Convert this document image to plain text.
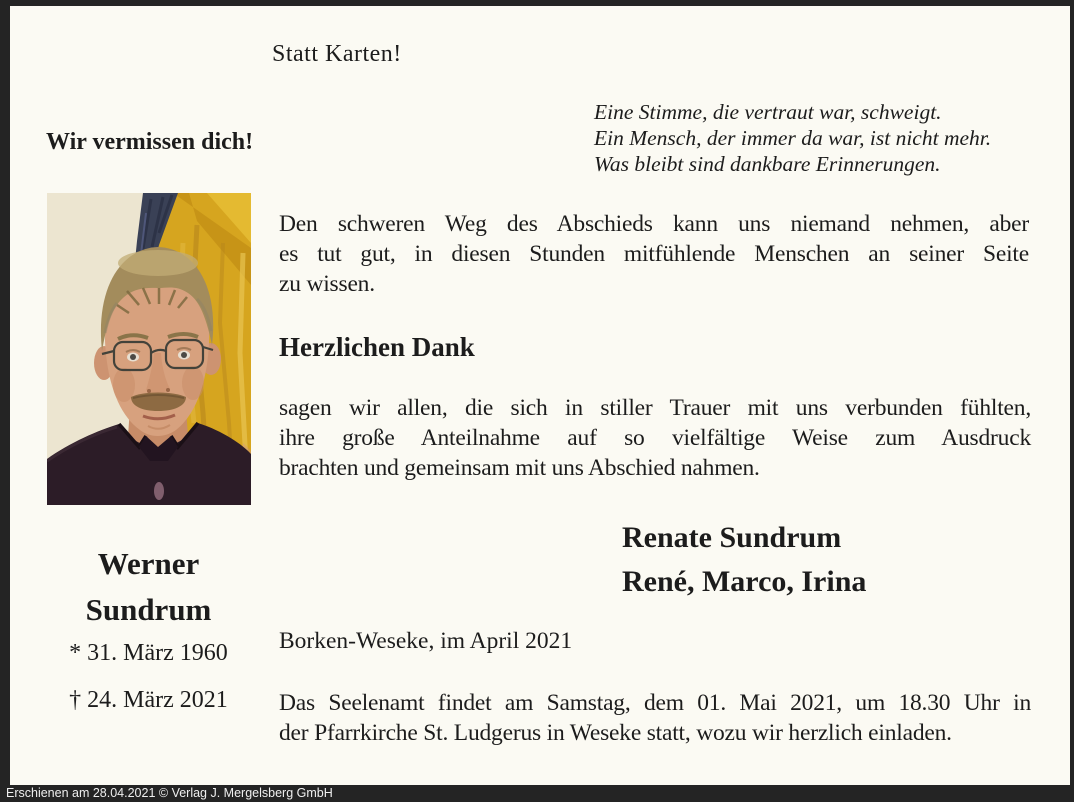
Statt Karten!
Eine Stimme, die vertraut war, schweigt.
Ein Mensch, der immer da war, ist nicht mehr.
Was bleibt sind dankbare Erinnerungen.
Wir vermissen dich!
Den schweren Weg des Abschieds kann uns niemand nehmen, aber
es tut gut, in diesen Stunden mitfühlende Menschen an seiner Seite
zu wissen.
Herzlichen Dank
sagen wir allen, die sich in stiller Trauer mit uns verbunden fühlten,
ihre große Anteilnahme auf so vielfältige Weise zum Ausdruck
brachten und gemeinsam mit uns Abschied nahmen.
Renate Sundrum
René, Marco, Irina
Werner
Sundrum
* 31. März 1960
† 24. März 2021
Borken-Weseke, im April 2021
Das Seelenamt findet am Samstag, dem 01. Mai 2021, um 18.30 Uhr in
der Pfarrkirche St. Ludgerus in Weseke statt, wozu wir herzlich einladen.
Erschienen am 28.04.2021 © Verlag J. Mergelsberg GmbH
